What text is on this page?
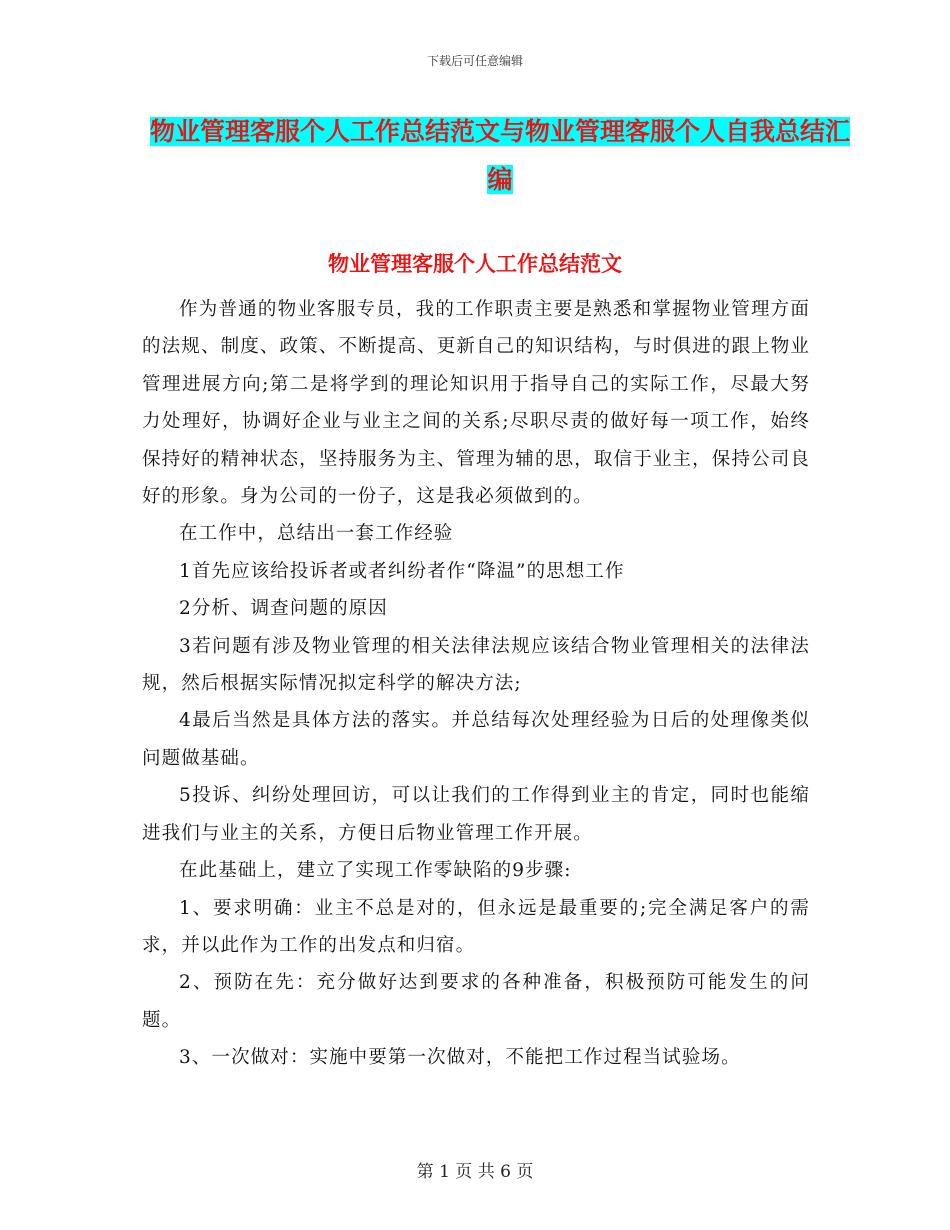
下载后可任意编辑
物业管理客服个人工作总结范文与物业管理客服个人自我总结汇编
物业管理客服个人工作总结范文

作为普通的物业客服专员，我的工作职责主要是熟悉和掌握物业管理方面的法规、制度、政策、不断提高、更新自己的知识结构，与时俱进的跟上物业管理进展方向;第二是将学到的理论知识用于指导自己的实际工作，尽最大努力处理好，协调好企业与业主之间的关系;尽职尽责的做好每一项工作，始终保持好的精神状态，坚持服务为主、管理为辅的思，取信于业主，保持公司良好的形象。身为公司的一份子，这是我必须做到的。

在工作中，总结出一套工作经验

1首先应该给投诉者或者纠纷者作“降温”的思想工作

2分析、调查问题的原因

3若问题有涉及物业管理的相关法律法规应该结合物业管理相关的法律法规，然后根据实际情况拟定科学的解决方法;

4最后当然是具体方法的落实。并总结每次处理经验为日后的处理像类似问题做基础。

5投诉、纠纷处理回访，可以让我们的工作得到业主的肯定，同时也能缩进我们与业主的关系，方便日后物业管理工作开展。

在此基础上，建立了实现工作零缺陷的9步骤:

1、要求明确：业主不总是对的，但永远是最重要的;完全满足客户的需求，并以此作为工作的出发点和归宿。

2、预防在先：充分做好达到要求的各种准备，积极预防可能发生的问题。

3、一次做对：实施中要第一次做对，不能把工作过程当试验场。

第 1 页 共 6 页
